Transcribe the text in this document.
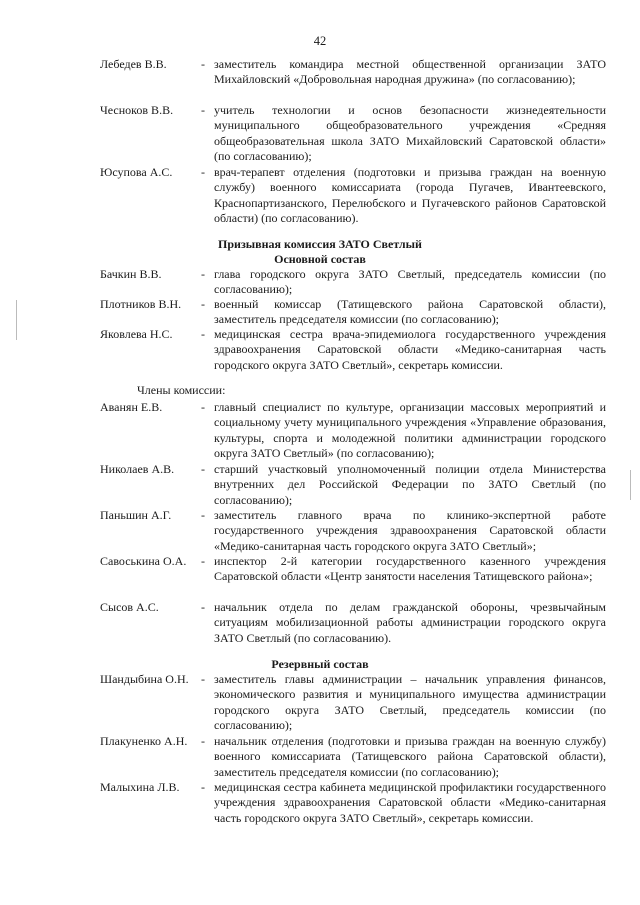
42
Лебедев В.В.	- заместитель командира местной общественной организации ЗАТО Михайловский «Добровольная народная дружина» (по согласованию);
Чесноков В.В. - учитель технологии и основ безопасности жизнедеятельности муниципального общеобразовательного учреждения «Средняя общеобразовательная школа ЗАТО Михайловский Саратовской области» (по согласованию);
Юсупова А.С. - врач-терапевт отделения (подготовки и призыва граждан на военную службу) военного комиссариата (города Пугачев, Ивантеевского, Краснопартизанского, Перелюбского и Пугачевского районов Саратовской области) (по согласованию).
Призывная комиссия ЗАТО Светлый
Основной состав
Бачкин В.В.	- глава городского округа ЗАТО Светлый, председатель комиссии (по согласованию);
Плотников В.Н. - военный комиссар (Татищевского района Саратовской области), заместитель председателя комиссии (по согласованию);
Яковлева Н.С. - медицинская сестра врача-эпидемиолога государственного учреждения здравоохранения Саратовской области «Медико-санитарная часть городского округа ЗАТО Светлый», секретарь комиссии.
Члены комиссии:
Аванян Е.В.	- главный специалист по культуре, организации массовых мероприятий и социальному учету муниципального учреждения «Управление образования, культуры, спорта и молодежной политики администрации городского округа ЗАТО Светлый» (по согласованию);
Николаев А.В. - старший участковый уполномоченный полиции отдела Министерства внутренних дел Российской Федерации по ЗАТО Светлый (по согласованию);
Паньшин А.Г. - заместитель главного врача по клинико-экспертной работе государственного учреждения здравоохранения Саратовской области «Медико-санитарная часть городского округа ЗАТО Светлый»;
Савоськина О.А. - инспектор 2-й категории государственного казенного учреждения Саратовской области «Центр занятости населения Татищевского района»;
Сысов А.С.	- начальник отдела по делам гражданской обороны, чрезвычайным ситуациям мобилизационной работы администрации городского округа ЗАТО Светлый (по согласованию).
Резервный состав
Шандыбина О.Н. - заместитель главы администрации – начальник управления финансов, экономического развития и муниципального имущества администрации городского округа ЗАТО Светлый, председатель комиссии (по согласованию);
Плакуненко А.Н. - начальник отделения (подготовки и призыва граждан на военную службу) военного комиссариата (Татищевского района Саратовской области), заместитель председателя комиссии (по согласованию);
Малыхина Л.В. - медицинская сестра кабинета медицинской профилактики государственного учреждения здравоохранения Саратовской области «Медико-санитарная часть городского округа ЗАТО Светлый», секретарь комиссии.
